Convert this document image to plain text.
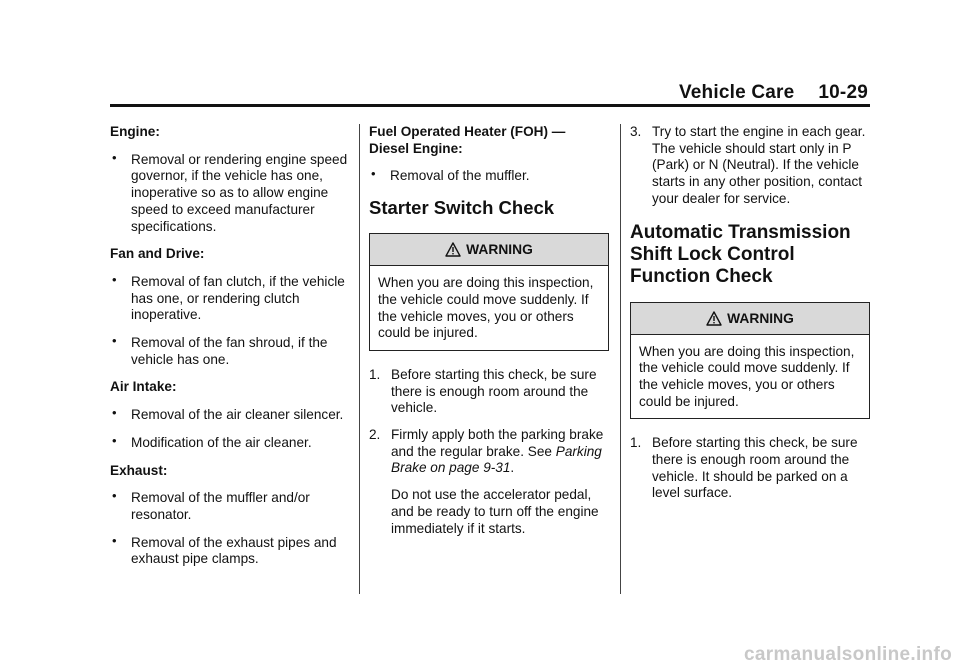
Vehicle Care 10-29
Engine:
• Removal or rendering engine speed governor, if the vehicle has one, inoperative so as to allow engine speed to exceed manufacturer specifications.
Fan and Drive:
• Removal of fan clutch, if the vehicle has one, or rendering clutch inoperative.
• Removal of the fan shroud, if the vehicle has one.
Air Intake:
• Removal of the air cleaner silencer.
• Modification of the air cleaner.
Exhaust:
• Removal of the muffler and/or resonator.
• Removal of the exhaust pipes and exhaust pipe clamps.
Fuel Operated Heater (FOH) — Diesel Engine:
• Removal of the muffler.
Starter Switch Check
WARNING
When you are doing this inspection, the vehicle could move suddenly. If the vehicle moves, you or others could be injured.
1. Before starting this check, be sure there is enough room around the vehicle.
2. Firmly apply both the parking brake and the regular brake. See Parking Brake on page 9-31.
Do not use the accelerator pedal, and be ready to turn off the engine immediately if it starts.
3. Try to start the engine in each gear. The vehicle should start only in P (Park) or N (Neutral). If the vehicle starts in any other position, contact your dealer for service.
Automatic Transmission Shift Lock Control Function Check
WARNING
When you are doing this inspection, the vehicle could move suddenly. If the vehicle moves, you or others could be injured.
1. Before starting this check, be sure there is enough room around the vehicle. It should be parked on a level surface.
carmanualsonline.info
